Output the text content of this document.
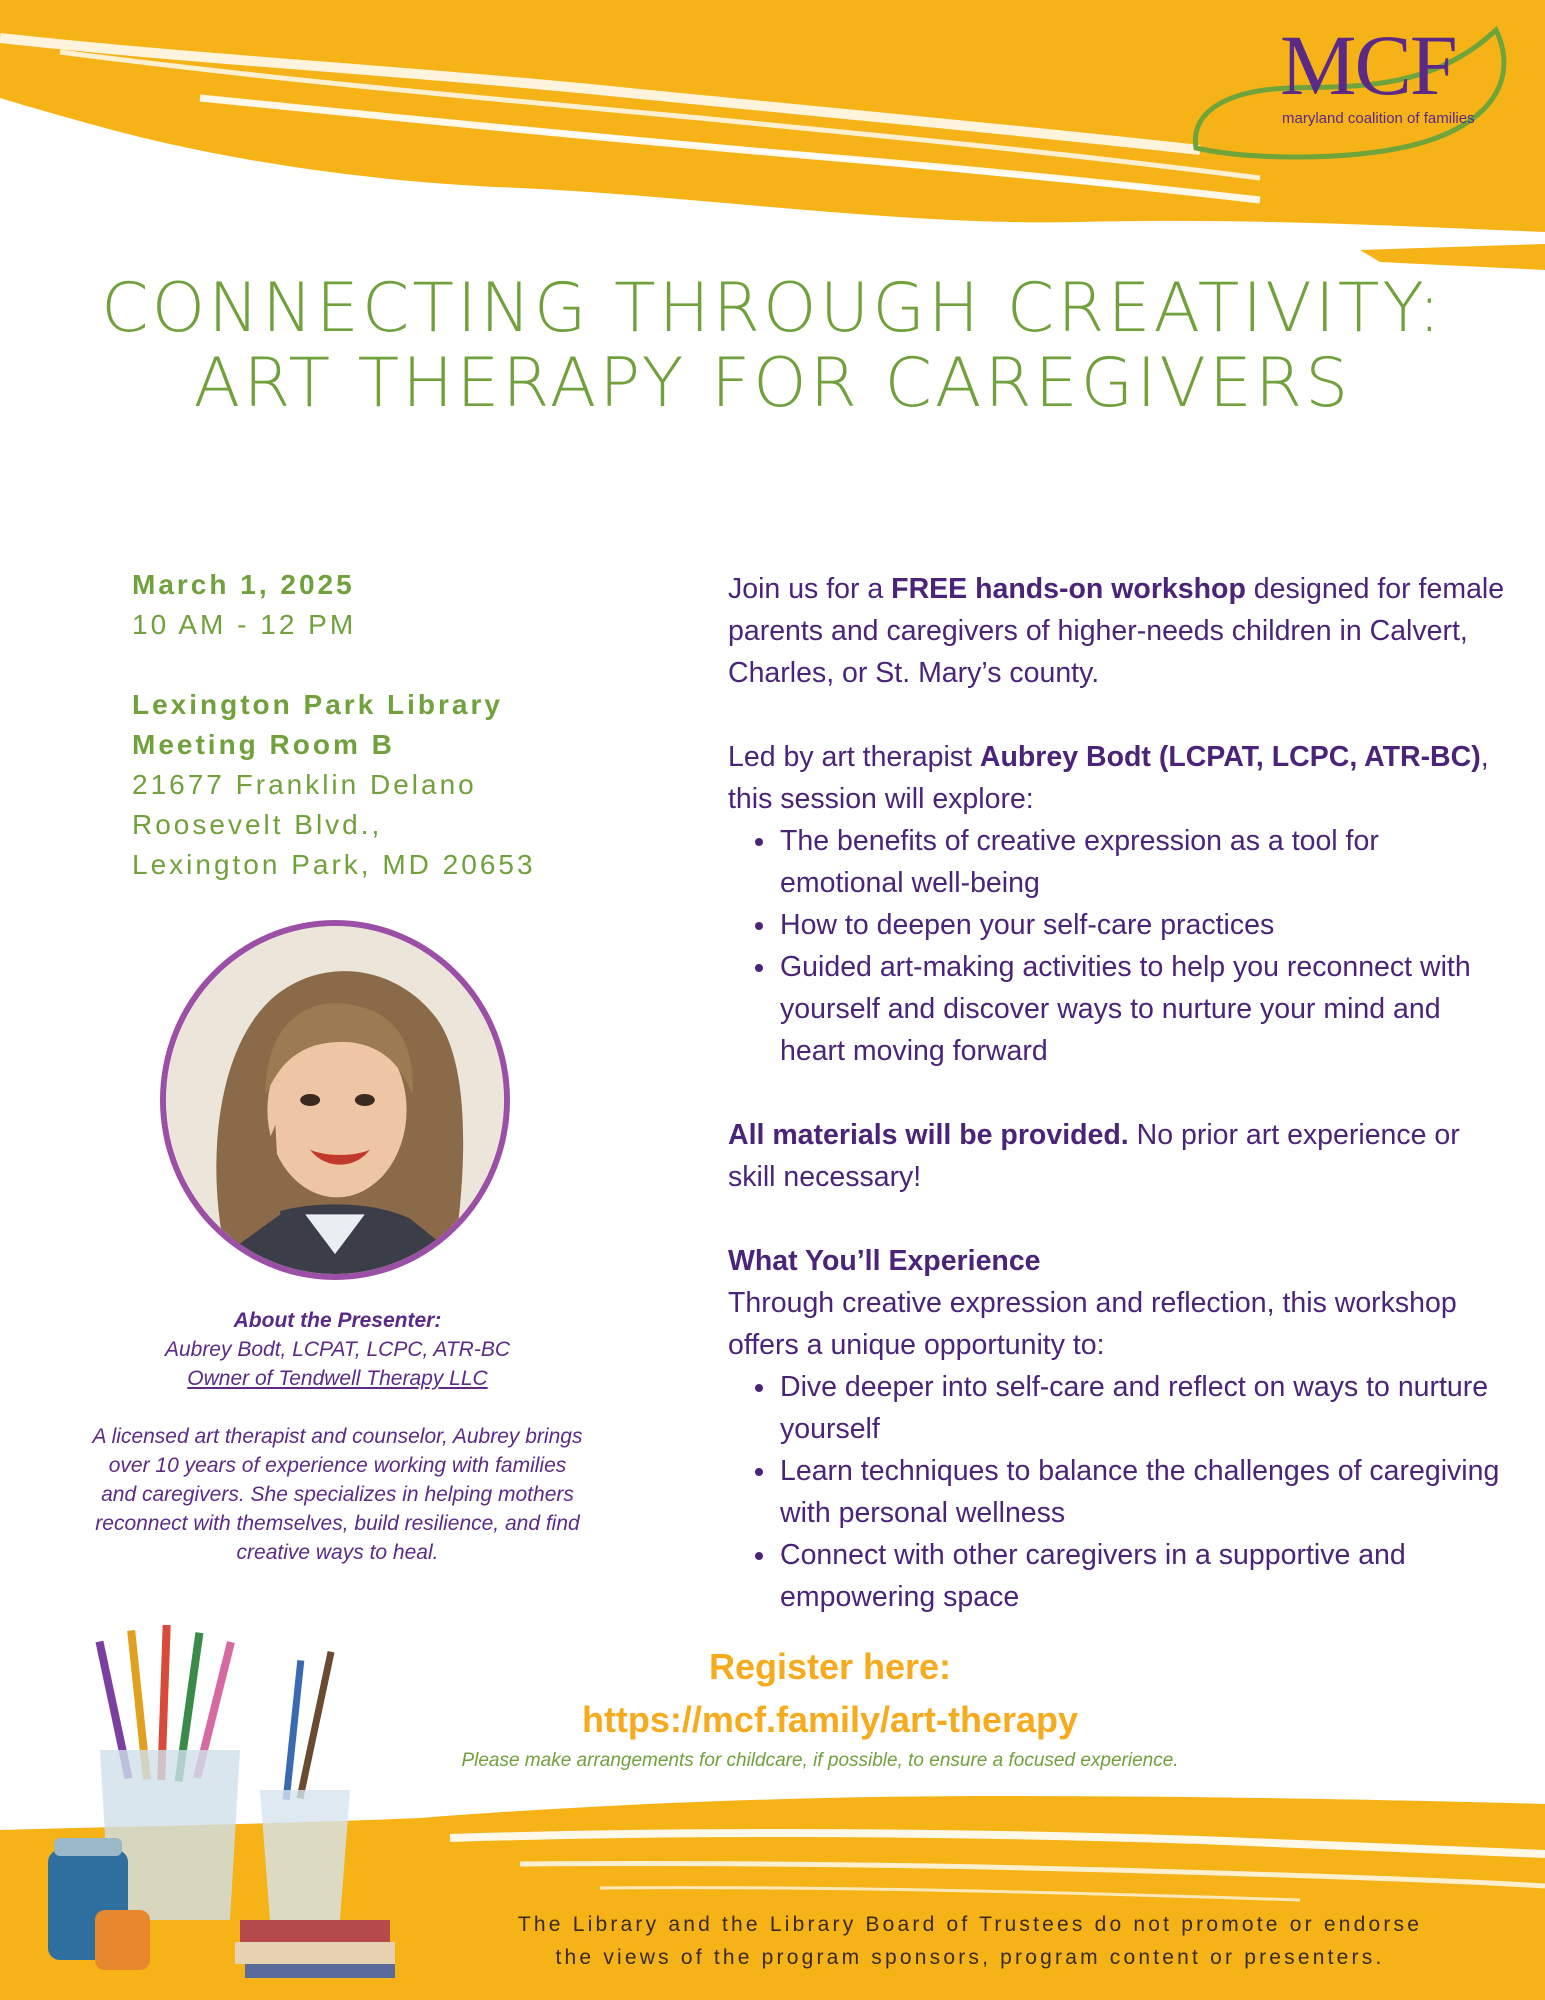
MCF
maryland coalition of families
CONNECTING THROUGH CREATIVITY:
ART THERAPY FOR CAREGIVERS
March 1, 2025
10 AM - 12 PM
Lexington Park Library
Meeting Room B
21677 Franklin Delano
Roosevelt Blvd.,
Lexington Park, MD 20653
About the Presenter:
Aubrey Bodt, LCPAT, LCPC, ATR-BC
Owner of Tendwell Therapy LLC
A licensed art therapist and counselor, Aubrey brings over 10 years of experience working with families and caregivers. She specializes in helping mothers reconnect with themselves, build resilience, and find creative ways to heal.

Join us for a FREE hands-on workshop designed for female parents and caregivers of higher-needs children in Calvert, Charles, or St. Mary’s county.

Led by art therapist Aubrey Bodt (LCPAT, LCPC, ATR-BC), this session will explore:

• The benefits of creative expression as a tool for emotional well-being
• How to deepen your self-care practices
• Guided art-making activities to help you reconnect with yourself and discover ways to nurture your mind and heart moving forward

All materials will be provided. No prior art experience or skill necessary!

What You’ll Experience

Through creative expression and reflection, this workshop offers a unique opportunity to:

• Dive deeper into self-care and reflect on ways to nurture yourself
• Learn techniques to balance the challenges of caregiving with personal wellness
• Connect with other caregivers in a supportive and empowering space
Register here:
https://mcf.family/art-therapy
Please make arrangements for childcare, if possible, to ensure a focused experience.
The Library and the Library Board of Trustees do not promote or endorse
the views of the program sponsors, program content or presenters.
